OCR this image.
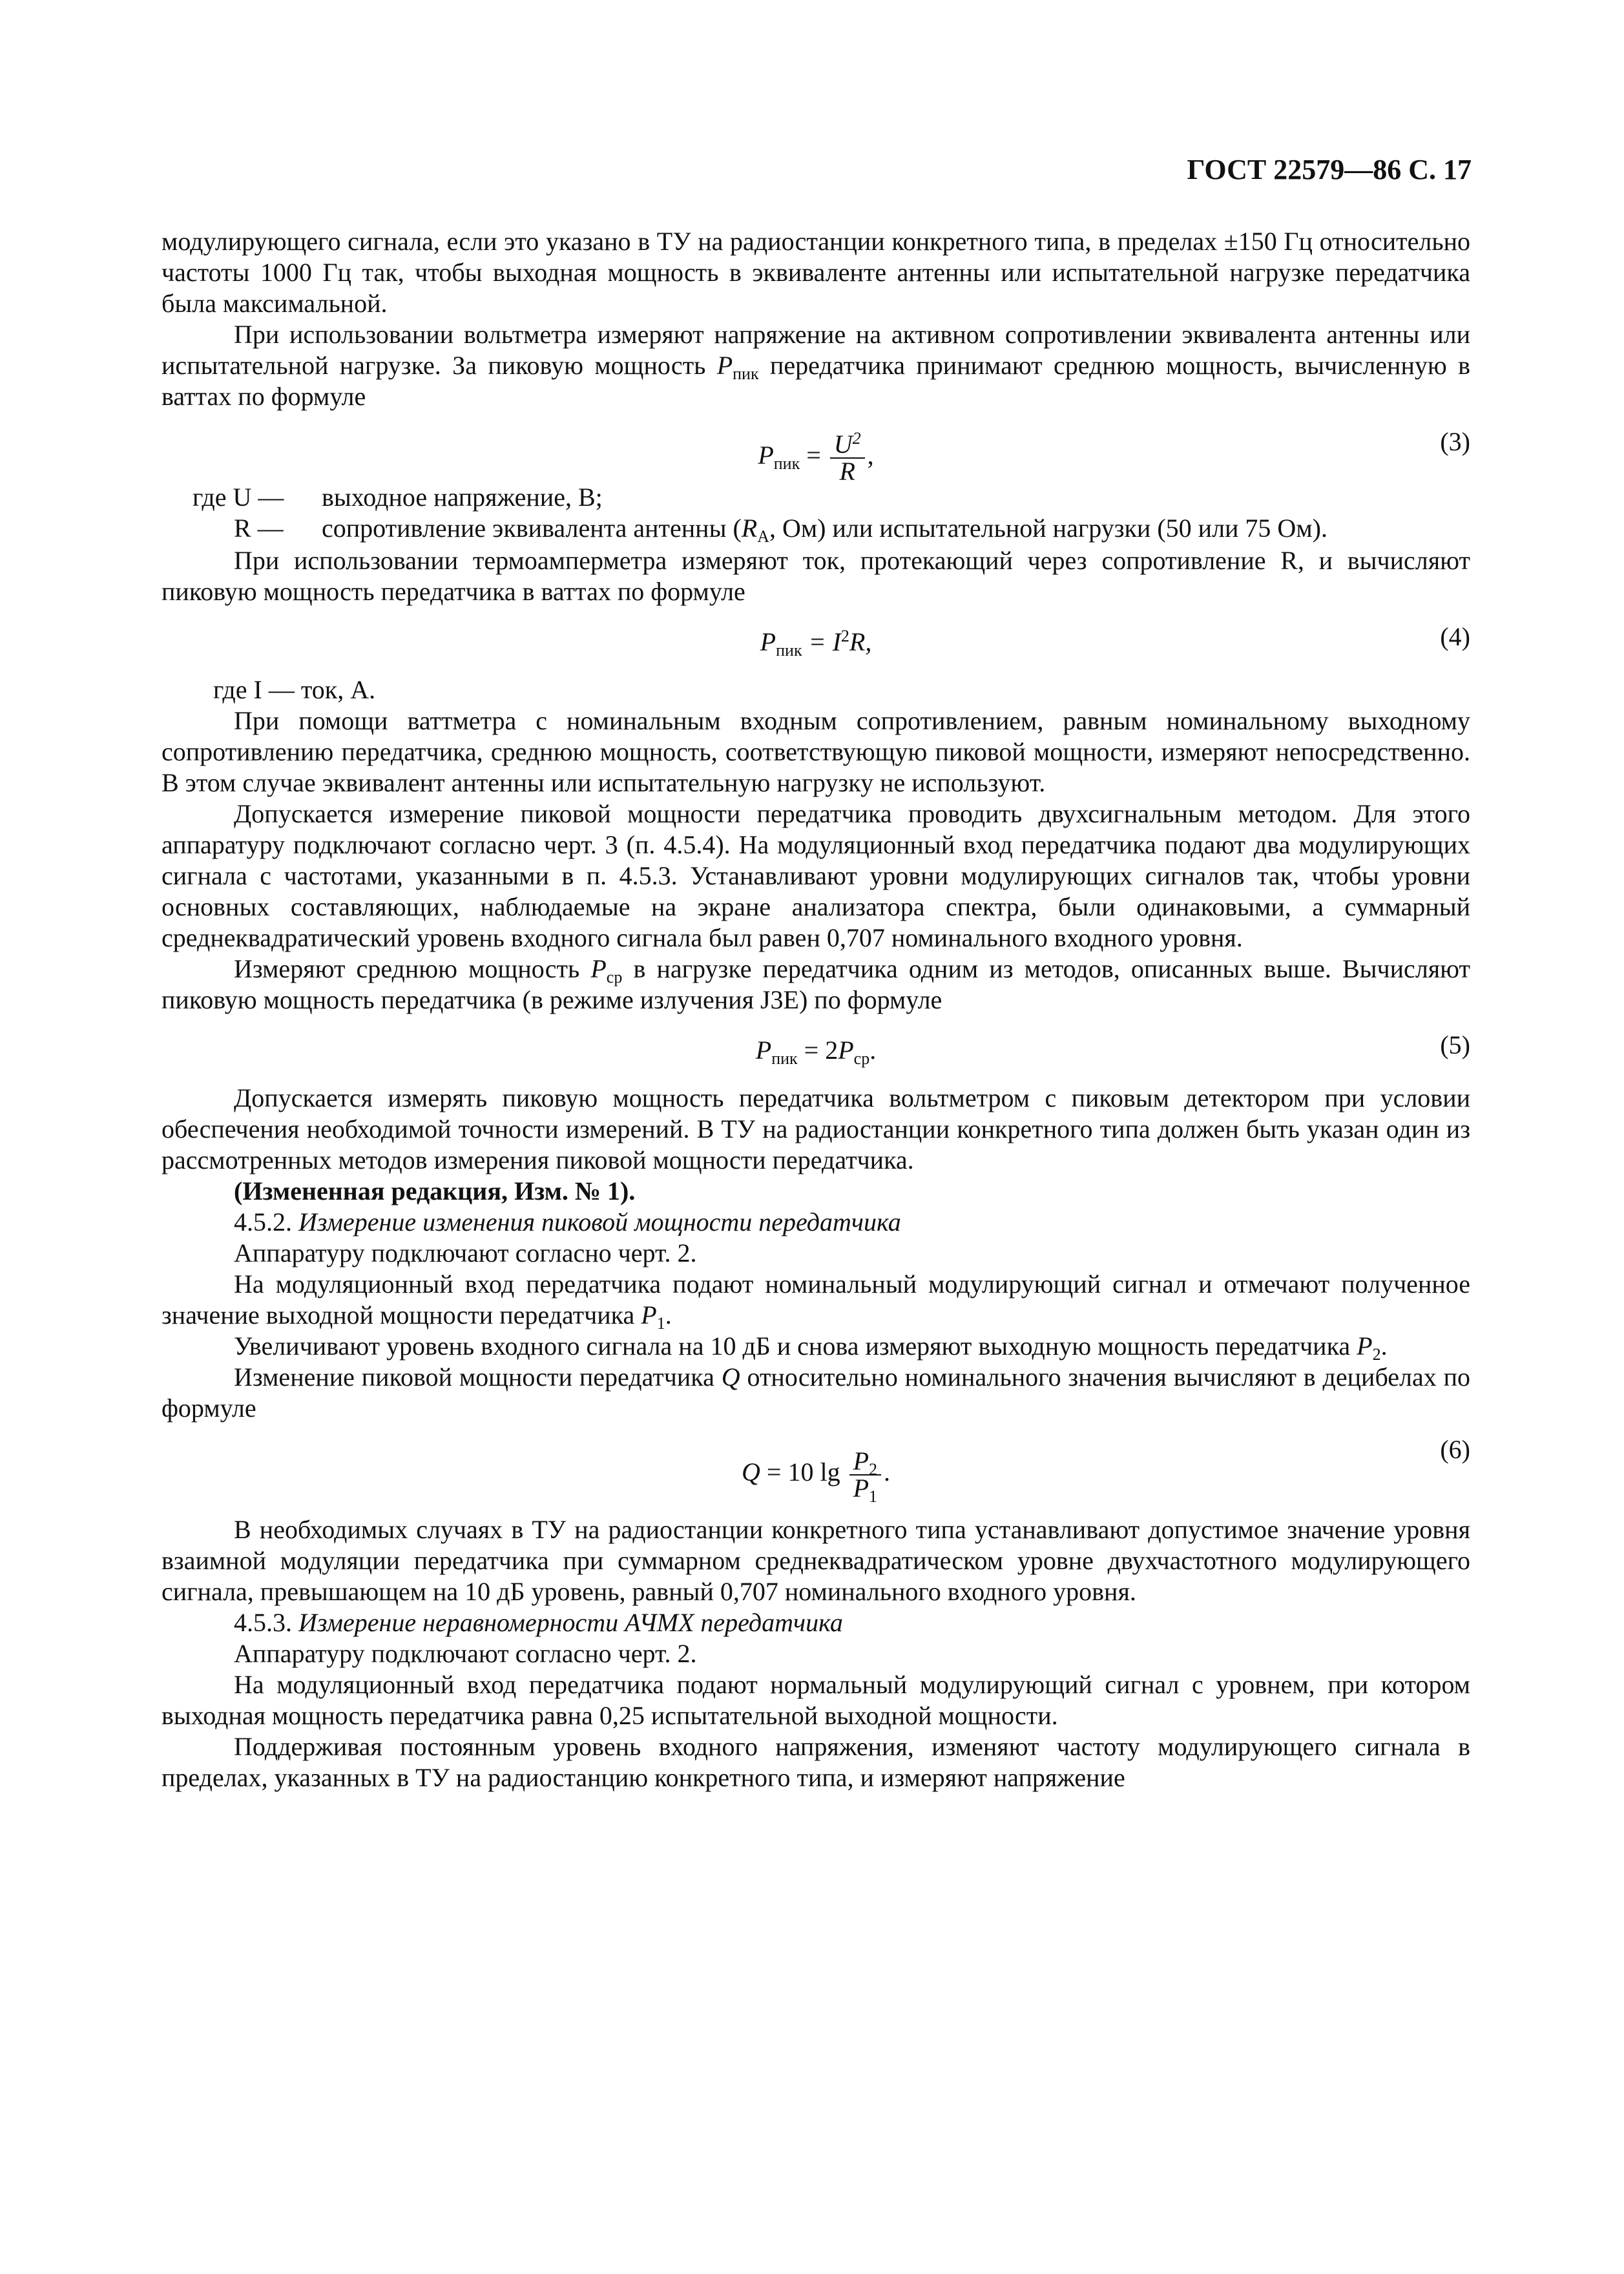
ГОСТ 22579—86 С. 17

модулирующего сигнала, если это указано в ТУ на радиостанции конкретного типа, в пределах ±150 Гц относительно частоты 1000 Гц так, чтобы выходная мощность в эквиваленте антенны или испытательной нагрузке передатчика была максимальной.

При использовании вольтметра измеряют напряжение на активном сопротивлении эквивалента антенны или испытательной нагрузке. За пиковую мощность $P_{пик}$ передатчика принимают среднюю мощность, вычисленную в ваттах по формуле

$P_{пик} = \frac{U^2}{R}$ ,	(3)
где U —	выходное напряжение, В;
R —	сопротивление эквивалента антенны ($R_А$, Ом) или испытательной нагрузки (50 или 75 Ом).

При использовании термоамперметра измеряют ток, протекающий через сопротивление R, и вычисляют пиковую мощность передатчика в ваттах по формуле

$P_{пик} = I^2R$,	(4)

где I — ток, А.

При помощи ваттметра с номинальным входным сопротивлением, равным номинальному выходному сопротивлению передатчика, среднюю мощность, соответствующую пиковой мощности, измеряют непосредственно. В этом случае эквивалент антенны или испытательную нагрузку не используют.

Допускается измерение пиковой мощности передатчика проводить двухсигнальным методом. Для этого аппаратуру подключают согласно черт. 3 (п. 4.5.4). На модуляционный вход передатчика подают два модулирующих сигнала с частотами, указанными в п. 4.5.3. Устанавливают уровни модулирующих сигналов так, чтобы уровни основных составляющих, наблюдаемые на экране анализатора спектра, были одинаковыми, а суммарный среднеквадратический уровень входного сигнала был равен 0,707 номинального входного уровня.

Измеряют среднюю мощность $P_{ср}$ в нагрузке передатчика одним из методов, описанных выше. Вычисляют пиковую мощность передатчика (в режиме излучения J3E) по формуле

$P_{пик} = 2P_{ср}$.	(5)

Допускается измерять пиковую мощность передатчика вольтметром с пиковым детектором при условии обеспечения необходимой точности измерений. В ТУ на радиостанции конкретного типа должен быть указан один из рассмотренных методов измерения пиковой мощности передатчика.

(Измененная редакция, Изм. № 1).

4.5.2. Измерение изменения пиковой мощности передатчика

Аппаратуру подключают согласно черт. 2.

На модуляционный вход передатчика подают номинальный модулирующий сигнал и отмечают полученное значение выходной мощности передатчика $P_1$.

Увеличивают уровень входного сигнала на 10 дБ и снова измеряют выходную мощность передатчика $P_2$.

Изменение пиковой мощности передатчика Q относительно номинального значения вычисляют в децибелах по формуле

Q = 10 $\lg \frac{P_2}{P_1}$ .
(6)

В необходимых случаях в ТУ на радиостанции конкретного типа устанавливают допустимое значение уровня взаимной модуляции передатчика при суммарном среднеквадратическом уровне двухчастотного модулирующего сигнала, превышающем на 10 дБ уровень, равный 0,707 номинального входного уровня.

4.5.3. Измерение неравномерности АЧМХ передатчика

Аппаратуру подключают согласно черт. 2.

На модуляционный вход передатчика подают нормальный модулирующий сигнал с уровнем, при котором выходная мощность передатчика равна 0,25 испытательной выходной мощности.

Поддерживая постоянным уровень входного напряжения, изменяют частоту модулирующего сигнала в пределах, указанных в ТУ на радиостанцию конкретного типа, и измеряют напряжение
